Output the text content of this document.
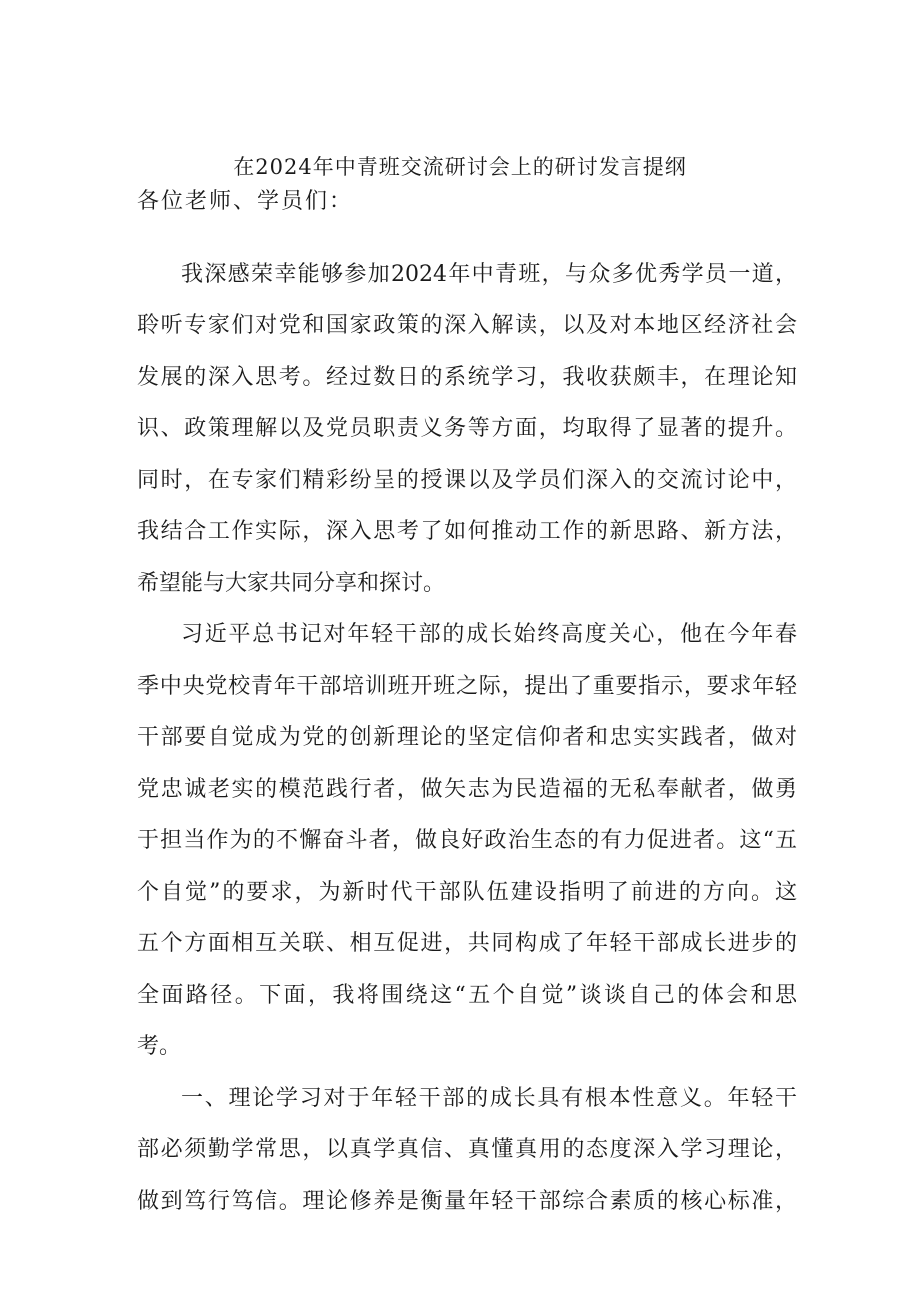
在2024年中青班交流研讨会上的研讨发言提纲
各位老师、学员们：
我深感荣幸能够参加2024年中青班，与众多优秀学员一道，
聆听专家们对党和国家政策的深入解读，以及对本地区经济社会
发展的深入思考。经过数日的系统学习，我收获颇丰，在理论知
识、政策理解以及党员职责义务等方面，均取得了显著的提升。
同时，在专家们精彩纷呈的授课以及学员们深入的交流讨论中，
我结合工作实际，深入思考了如何推动工作的新思路、新方法，
希望能与大家共同分享和探讨。
习近平总书记对年轻干部的成长始终高度关心，他在今年春
季中央党校青年干部培训班开班之际，提出了重要指示，要求年轻
干部要自觉成为党的创新理论的坚定信仰者和忠实实践者，做对
党忠诚老实的模范践行者，做矢志为民造福的无私奉献者，做勇
于担当作为的不懈奋斗者，做良好政治生态的有力促进者。这“五
个自觉”的要求，为新时代干部队伍建设指明了前进的方向。这
五个方面相互关联、相互促进，共同构成了年轻干部成长进步的
全面路径。下面，我将围绕这“五个自觉”谈谈自己的体会和思
考。
一、理论学习对于年轻干部的成长具有根本性意义。年轻干
部必须勤学常思，以真学真信、真懂真用的态度深入学习理论，
做到笃行笃信。理论修养是衡量年轻干部综合素质的核心标准，
